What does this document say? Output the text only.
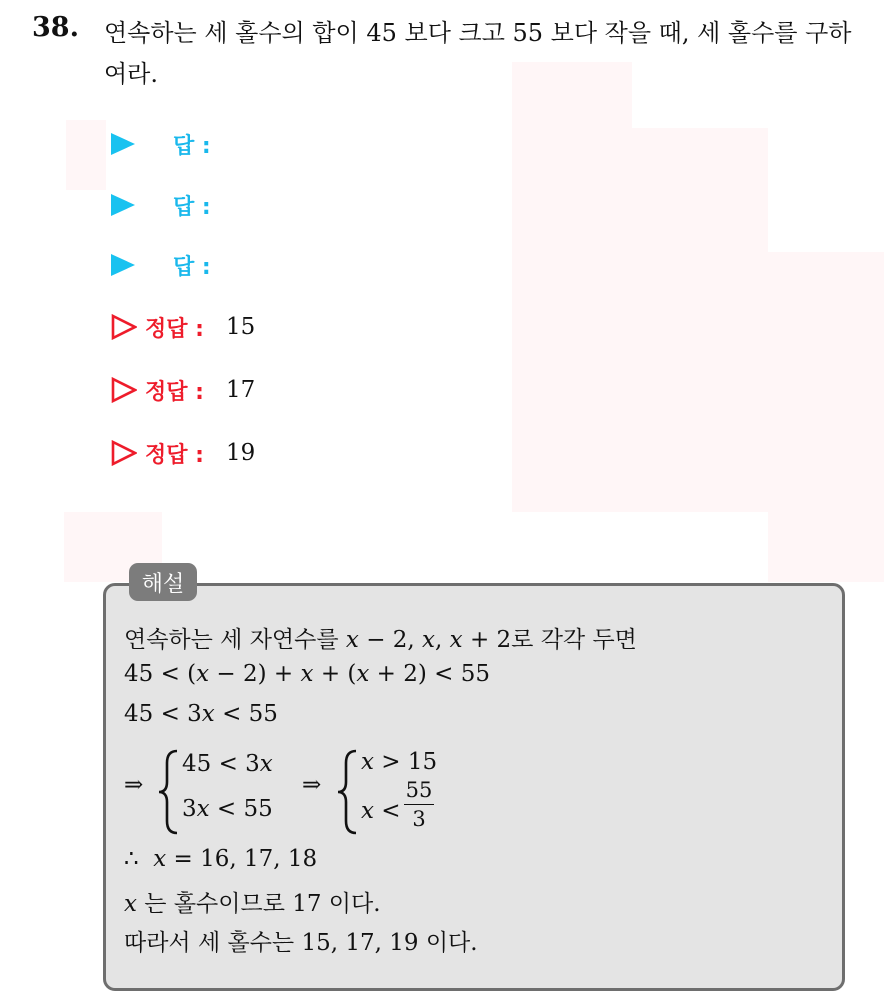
38. 연속하는 세 홀수의 합이 45 보다 크고 55 보다 작을 때, 세 홀수를 구하여라.
답 :
답 :
답 :
정답 : 15
정답 : 17
정답 : 19
해설
연속하는 세 자연수를 x − 2, x, x + 2로 각각 두면
45 < (x − 2) + x + (x + 2) < 55
45 < 3x < 55
⇒
45 < 3x
3x < 55
⇒
x > 15
x <
55
3
∴ x = 16, 17, 18
x 는 홀수이므로 17 이다.
따라서 세 홀수는 15, 17, 19 이다.
